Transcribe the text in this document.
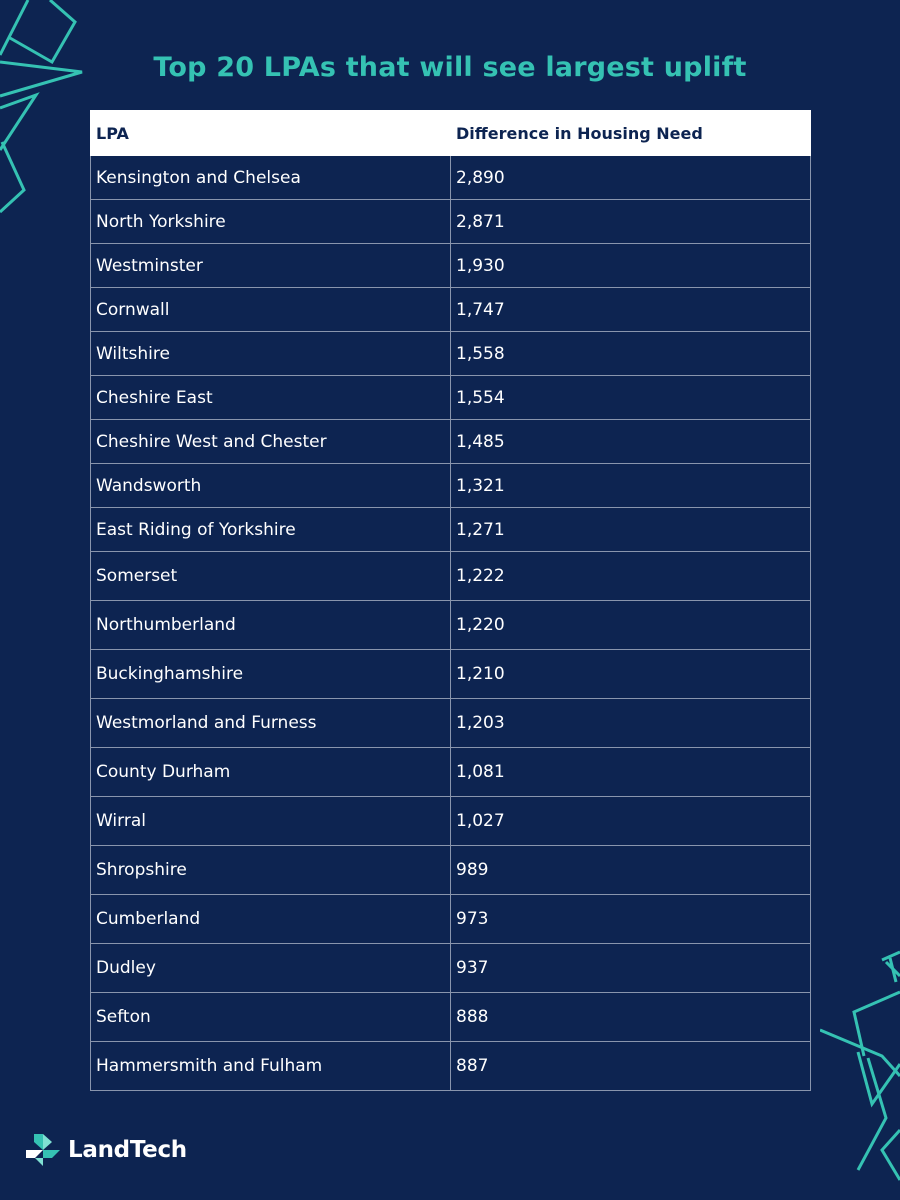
Top 20 LPAs that will see largest uplift
LPA	Difference in Housing Need
Kensington and Chelsea	2,890
North Yorkshire	2,871
Westminster	1,930
Cornwall	1,747
Wiltshire	1,558
Cheshire East	1,554
Cheshire West and Chester	1,485
Wandsworth	1,321
East Riding of Yorkshire	1,271
Somerset	1,222
Northumberland	1,220
Buckinghamshire	1,210
Westmorland and Furness	1,203
County Durham	1,081
Wirral	1,027
Shropshire	989
Cumberland	973
Dudley	937
Sefton	888
Hammersmith and Fulham	887
LandTech
